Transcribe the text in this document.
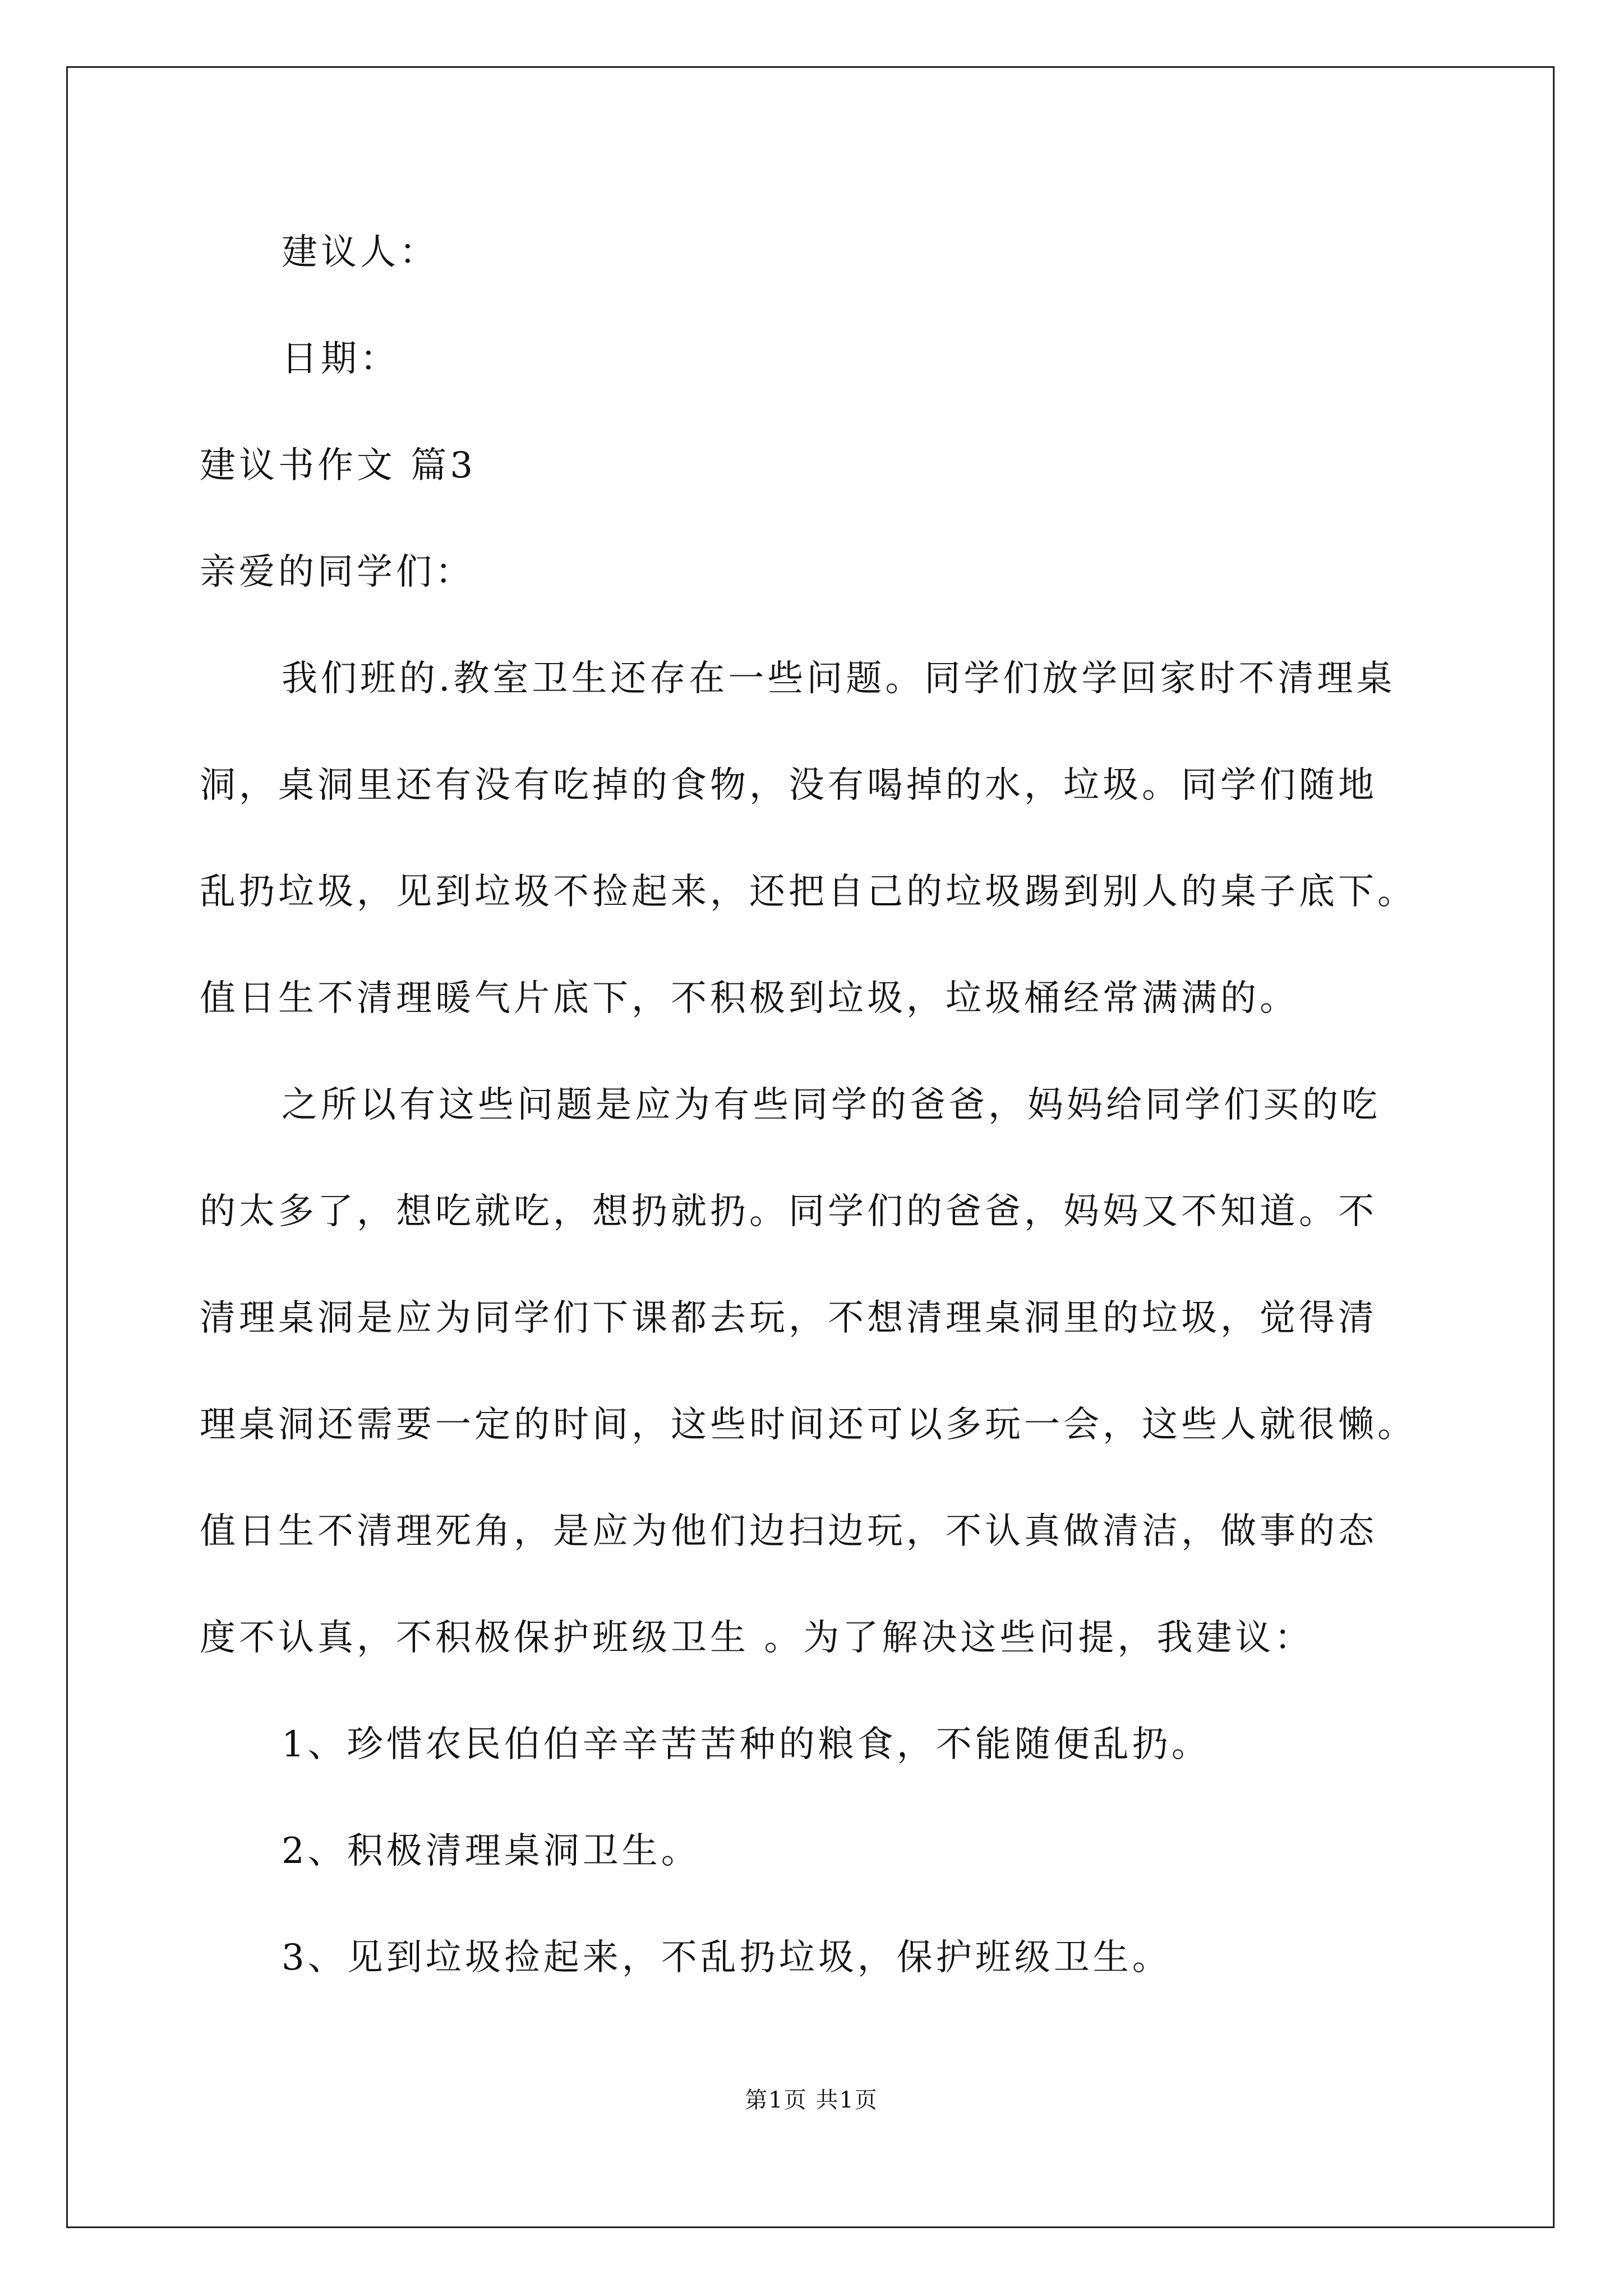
建议人：
日期：
建议书作文 篇3
亲爱的同学们：
我们班的.教室卫生还存在一些问题。同学们放学回家时不清理桌
洞，桌洞里还有没有吃掉的食物，没有喝掉的水，垃圾。同学们随地
乱扔垃圾，见到垃圾不捡起来，还把自己的垃圾踢到别人的桌子底下。
值日生不清理暖气片底下，不积极到垃圾，垃圾桶经常满满的。
之所以有这些问题是应为有些同学的爸爸，妈妈给同学们买的吃
的太多了，想吃就吃，想扔就扔。同学们的爸爸，妈妈又不知道。不
清理桌洞是应为同学们下课都去玩，不想清理桌洞里的垃圾，觉得清
理桌洞还需要一定的时间，这些时间还可以多玩一会，这些人就很懒。
值日生不清理死角，是应为他们边扫边玩，不认真做清洁，做事的态
度不认真，不积极保护班级卫生 。为了解决这些问提，我建议：
1、珍惜农民伯伯辛辛苦苦种的粮食，不能随便乱扔。
2、积极清理桌洞卫生。
3、见到垃圾捡起来，不乱扔垃圾，保护班级卫生。
第1页 共1页
